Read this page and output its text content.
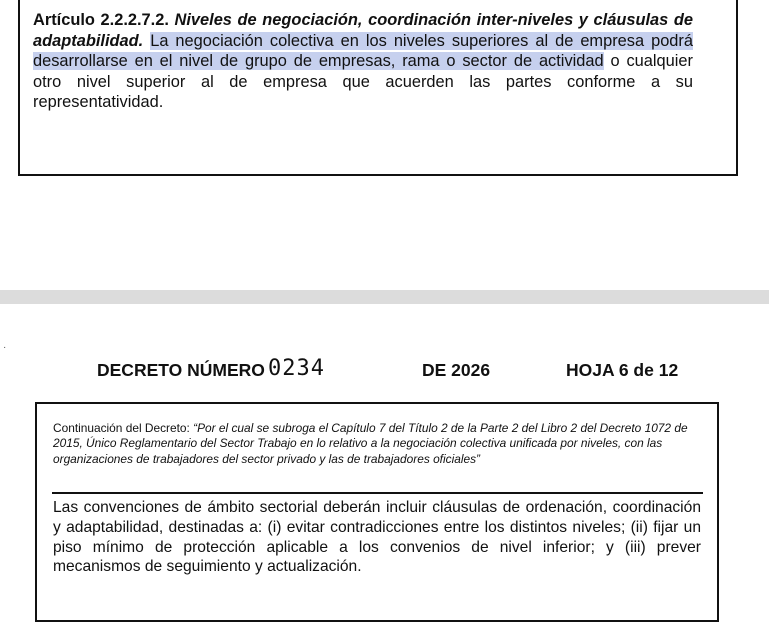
Artículo 2.2.2.7.2. Niveles de negociación, coordinación inter-niveles y cláusulas de adaptabilidad. La negociación colectiva en los niveles superiores al de empresa podrá desarrollarse en el nivel de grupo de empresas, rama o sector de actividad o cualquier otro nivel superior al de empresa que acuerden las partes conforme a su representatividad.

·
DECRETO NÚMERO 0234	DE 2026	HOJA 6 de 12

Continuación del Decreto: “Por el cual se subroga el Capítulo 7 del Título 2 de la Parte 2 del Libro 2 del Decreto 1072 de 2015, Único Reglamentario del Sector Trabajo en lo relativo a la negociación colectiva unificada por niveles, con las organizaciones de trabajadores del sector privado y las de trabajadores oficiales”

Las convenciones de ámbito sectorial deberán incluir cláusulas de ordenación, coordinación y adaptabilidad, destinadas a: (i) evitar contradicciones entre los distintos niveles; (ii) fijar un piso mínimo de protección aplicable a los convenios de nivel inferior; y (iii) prever mecanismos de seguimiento y actualización.
